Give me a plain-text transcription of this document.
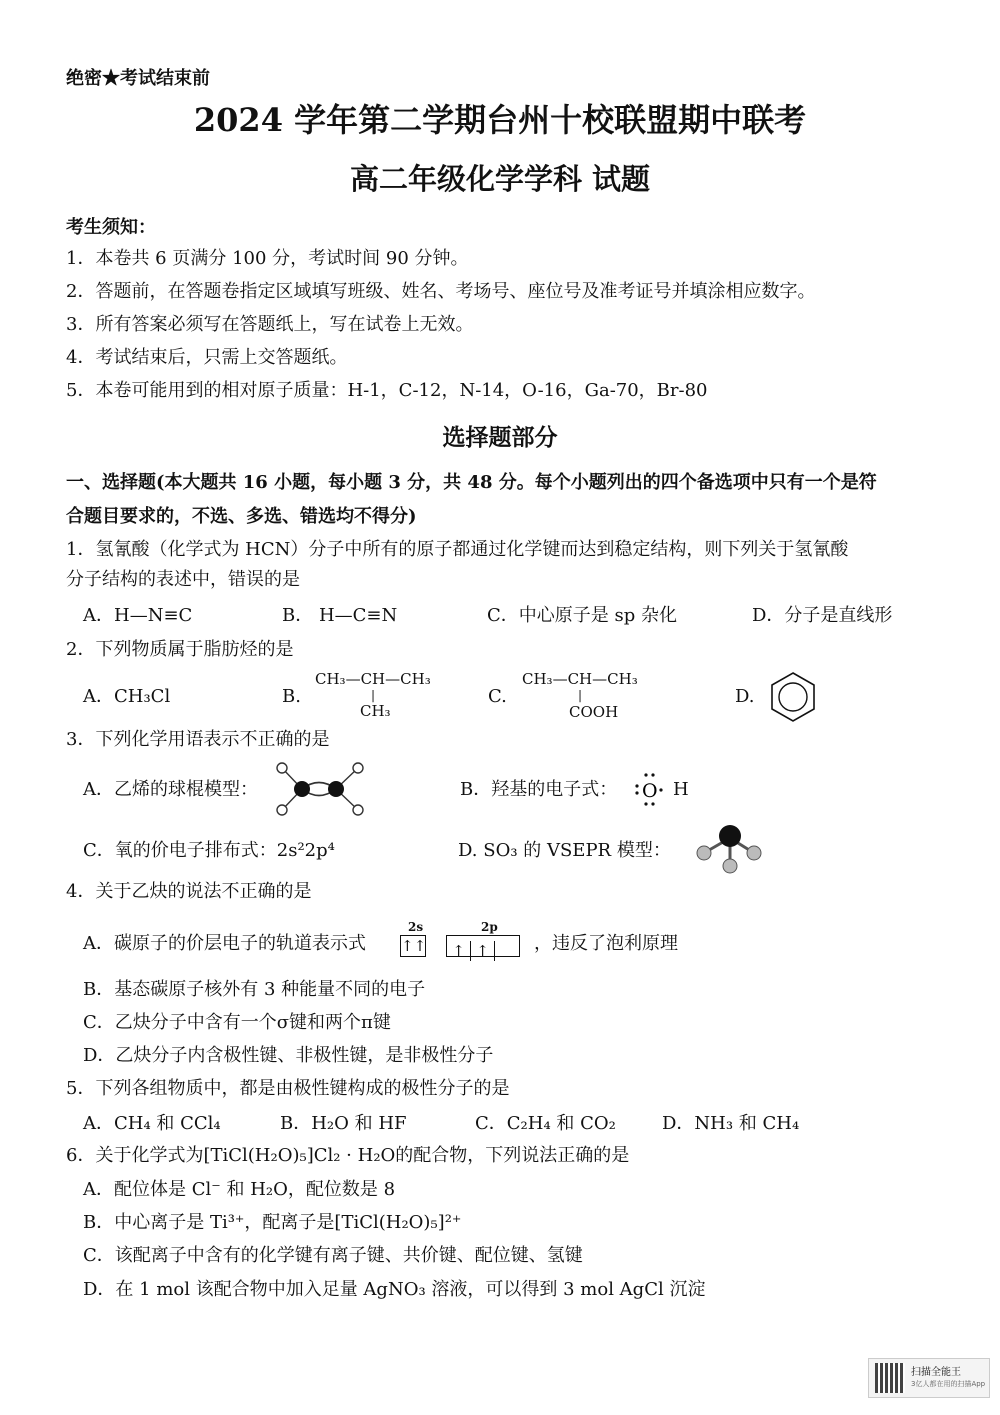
绝密★考试结束前
2024 学年第二学期台州十校联盟期中联考
高二年级化学学科 试题
考生须知：
1．本卷共 6 页满分 100 分，考试时间 90 分钟。
2．答题前，在答题卷指定区域填写班级、姓名、考场号、座位号及准考证号并填涂相应数字。
3．所有答案必须写在答题纸上，写在试卷上无效。
4．考试结束后，只需上交答题纸。
5．本卷可能用到的相对原子质量：H-1，C-12，N-14，O-16，Ga-70，Br-80
选择题部分
一、选择题(本大题共 16 小题，每小题 3 分，共 48 分。每个小题列出的四个备选项中只有一个是符
合题目要求的，不选、多选、错选均不得分)
1．氢氰酸（化学式为 HCN）分子中所有的原子都通过化学键而达到稳定结构，则下列关于氢氰酸
分子结构的表述中，错误的是
A．H—N≡C	B． H—C≡N	C．中心原子是 sp 杂化	D．分子是直线形
2．下列物质属于脂肪烃的是
A．CH₃Cl	B.
CH₃—CH—CH₃
|
CH₃
C.
CH₃—CH—CH₃
|
COOH
D.
3．下列化学用语表示不正确的是
A．乙烯的球棍模型：	B．羟基的电子式： O H
C．氧的价电子排布式：2s²2p⁴	D. SO₃ 的 VSEPR 模型：
4．关于乙炔的说法不正确的是
A．碳原子的价层电子的轨道表示式
2s
↑↑
2p
↑ ↑	，违反了泡利原理
B．基态碳原子核外有 3 种能量不同的电子
C．乙炔分子中含有一个σ键和两个π键
D．乙炔分子内含极性键、非极性键，是非极性分子
5．下列各组物质中，都是由极性键构成的极性分子的是
A．CH₄ 和 CCl₄	B．H₂O 和 HF	C．C₂H₄ 和 CO₂	D．NH₃ 和 CH₄
6．关于化学式为[TiCl(H₂O)₅]Cl₂ · H₂O的配合物，下列说法正确的是
A．配位体是 Cl⁻ 和 H₂O，配位数是 8
B．中心离子是 Ti³⁺，配离子是[TiCl(H₂O)₅]²⁺
C．该配离子中含有的化学键有离子键、共价键、配位键、氢键
D．在 1 mol 该配合物中加入足量 AgNO₃ 溶液，可以得到 3 mol AgCl 沉淀
扫描全能王
3亿人都在用的扫描App
